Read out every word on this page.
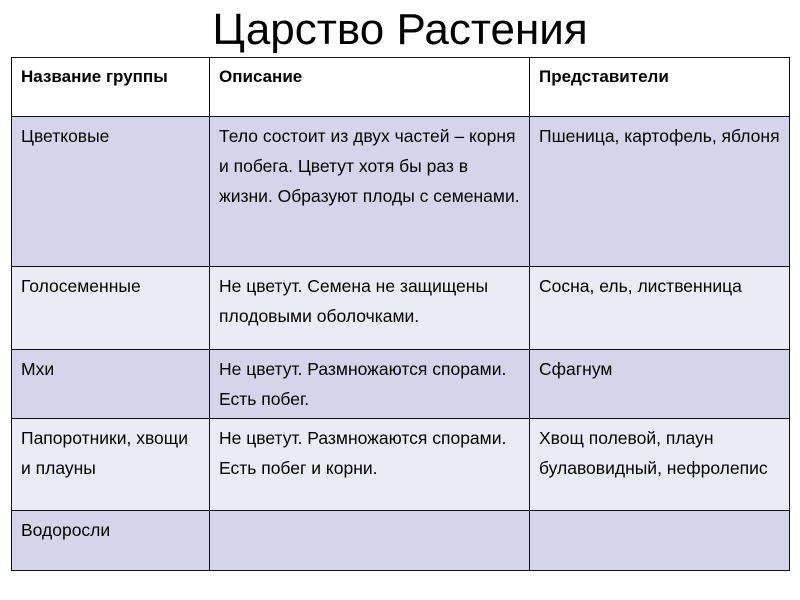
Царство Растения
Название группы	Описание	Представители
Цветковые	Тело состоит из двух частей – корня и побега. Цветут хотя бы раз в жизни. Образуют плоды с семенами.	Пшеница, картофель, яблоня
Голосеменные	Не цветут. Семена не защищены плодовыми оболочками.	Сосна, ель, лиственница
Мхи	Не цветут. Размножаются спорами. Есть побег.	Сфагнум
Папоротники, хвощи и плауны	Не цветут. Размножаются спорами. Есть побег и корни.	Хвощ полевой, плаун булавовидный, нефролепис
Водоросли		
